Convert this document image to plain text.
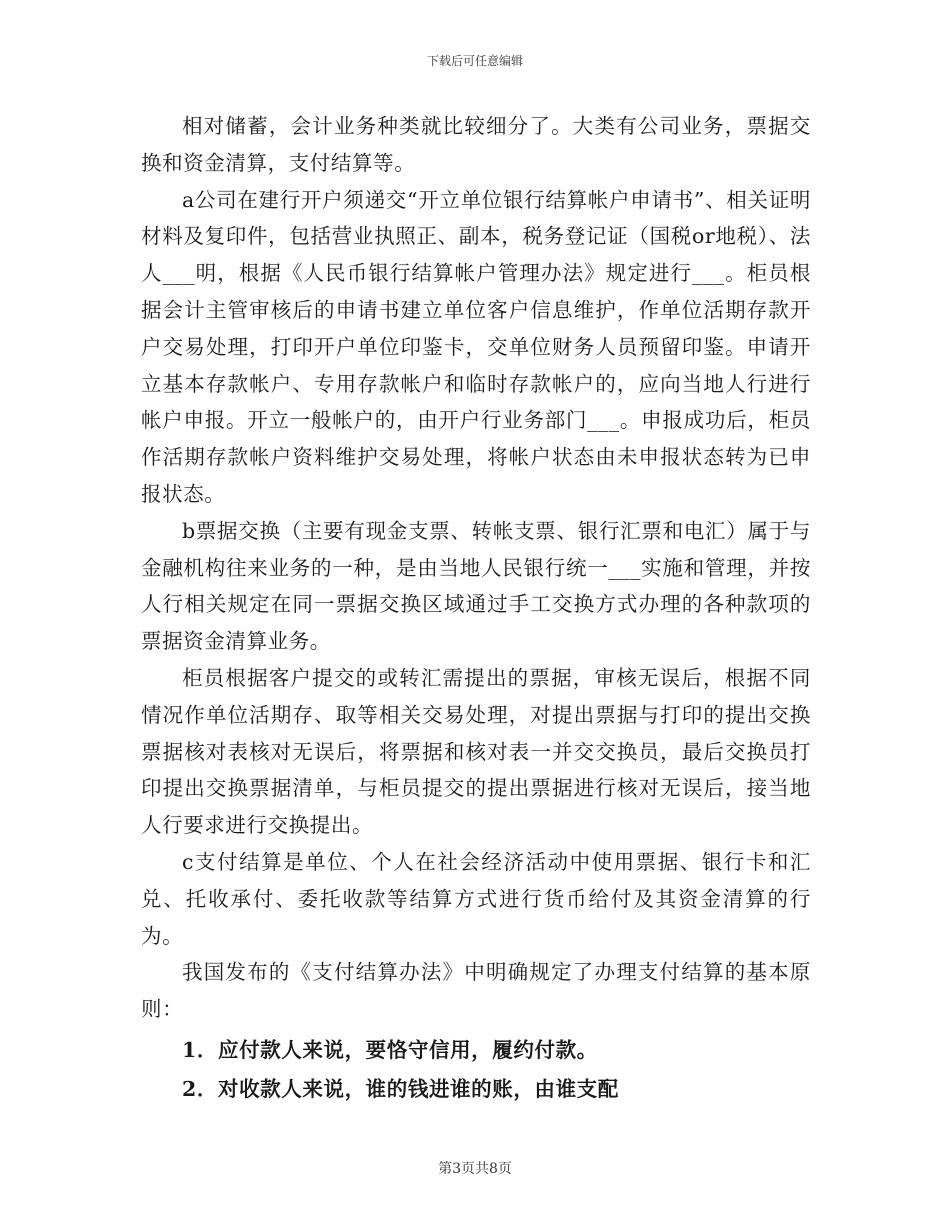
下载后可任意编辑

相对储蓄，会计业务种类就比较细分了。大类有公司业务，票据交换和资金清算，支付结算等。

a公司在建行开户须递交“开立单位银行结算帐户申请书”、相关证明材料及复印件，包括营业执照正、副本，税务登记证（国税or地税）、法人___明，根据《人民币银行结算帐户管理办法》规定进行___。柜员根据会计主管审核后的申请书建立单位客户信息维护，作单位活期存款开户交易处理，打印开户单位印鉴卡，交单位财务人员预留印鉴。申请开立基本存款帐户、专用存款帐户和临时存款帐户的，应向当地人行进行帐户申报。开立一般帐户的，由开户行业务部门___。申报成功后，柜员作活期存款帐户资料维护交易处理，将帐户状态由未申报状态转为已申报状态。

b票据交换（主要有现金支票、转帐支票、银行汇票和电汇）属于与金融机构往来业务的一种，是由当地人民银行统一___实施和管理，并按人行相关规定在同一票据交换区域通过手工交换方式办理的各种款项的票据资金清算业务。

柜员根据客户提交的或转汇需提出的票据，审核无误后，根据不同情况作单位活期存、取等相关交易处理，对提出票据与打印的提出交换票据核对表核对无误后，将票据和核对表一并交交换员，最后交换员打印提出交换票据清单，与柜员提交的提出票据进行核对无误后，接当地人行要求进行交换提出。

c支付结算是单位、个人在社会经济活动中使用票据、银行卡和汇兑、托收承付、委托收款等结算方式进行货币给付及其资金清算的行为。

我国发布的《支付结算办法》中明确规定了办理支付结算的基本原则：

1．应付款人来说，要恪守信用，履约付款。

2．对收款人来说，谁的钱进谁的账，由谁支配

第3页共8页
